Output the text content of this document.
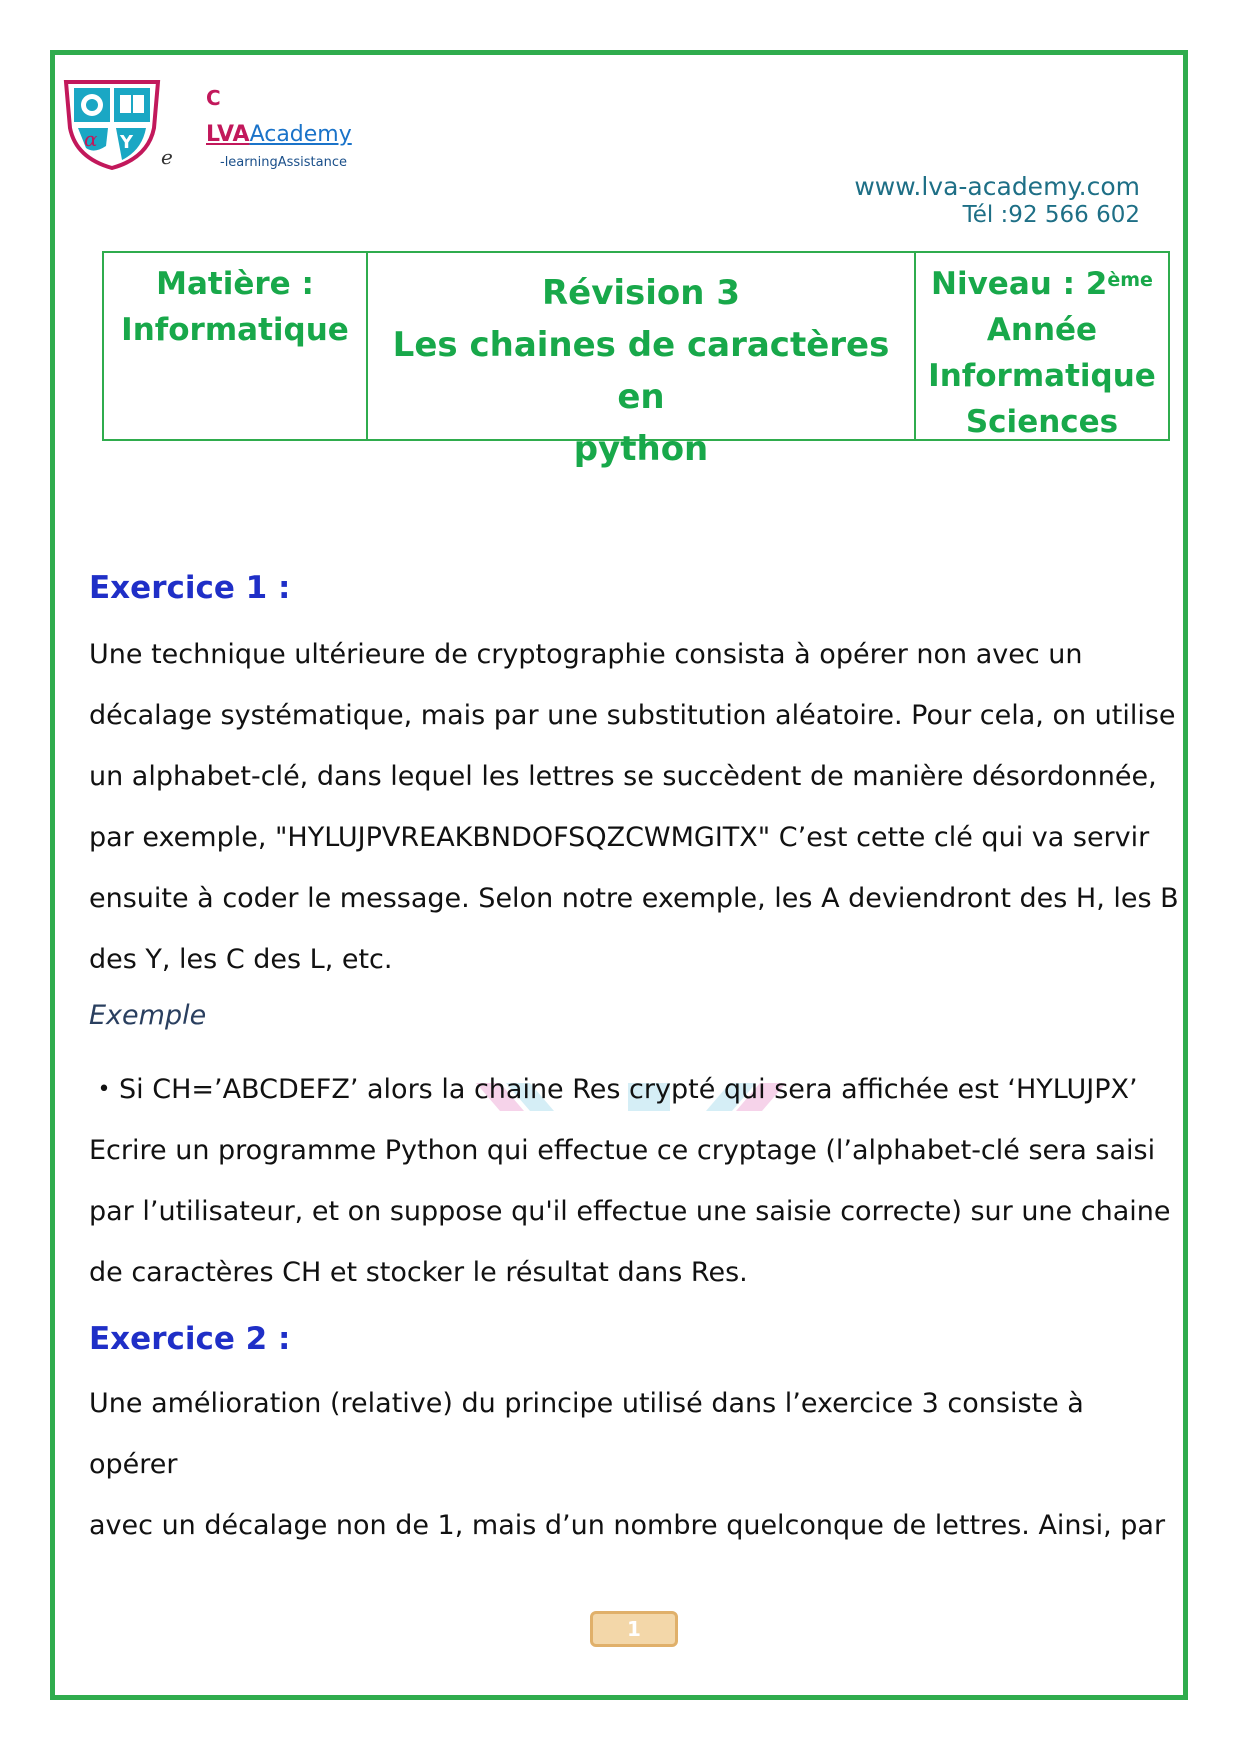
α Y
e
C
LVAAcademy
-learningAssistance
www.lva-academy.com
Tél :92 566 602
Matière :
Informatique
Révision 3
Les chaines de caractères en
python
Niveau : 2ème
Année
Informatique
Sciences
Exercice 1 :

Une technique ultérieure de cryptographie consista à opérer non avec un

décalage systématique, mais par une substitution aléatoire. Pour cela, on utilise

un alphabet-clé, dans lequel les lettres se succèdent de manière désordonnée,

par exemple, "HYLUJPVREAKBNDOFSQZCWMGITX" C’est cette clé qui va servir

ensuite à coder le message. Selon notre exemple, les A deviendront des H, les B

des Y, les C des L, etc.

Exemple

• Si CH=’ABCDEFZ’ alors la chaine Res crypté qui sera affichée est ‘HYLUJPX’

Ecrire un programme Python qui effectue ce cryptage (l’alphabet-clé sera saisi

par l’utilisateur, et on suppose qu'il effectue une saisie correcte) sur une chaine

de caractères CH et stocker le résultat dans Res.

Exercice 2 :

Une amélioration (relative) du principe utilisé dans l’exercice 3 consiste à opérer

avec un décalage non de 1, mais d’un nombre quelconque de lettres. Ainsi, par

1
